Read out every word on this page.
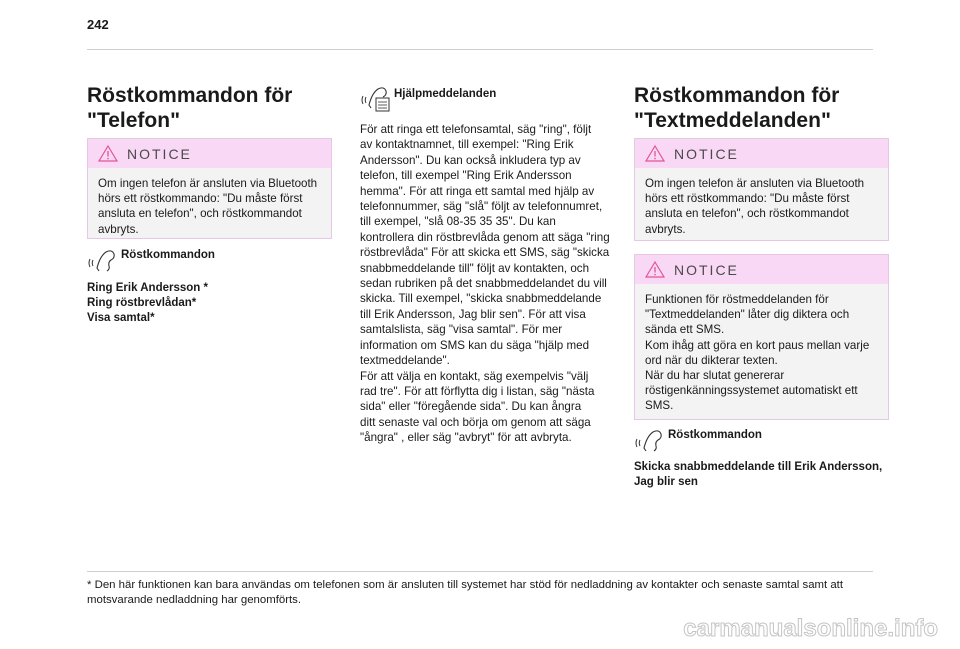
242
Röstkommandon för
"Telefon"
NOTICE
Om ingen telefon är ansluten via Bluetooth
hörs ett röstkommando: "Du måste först
ansluta en telefon", och röstkommandot
avbryts.
Röstkommandon
Ring Erik Andersson *
Ring röstbrevlådan*
Visa samtal*
Hjälpmeddelanden
För att ringa ett telefonsamtal, säg "ring", följt
av kontaktnamnet, till exempel: "Ring Erik
Andersson". Du kan också inkludera typ av
telefon, till exempel "Ring Erik Andersson
hemma". För att ringa ett samtal med hjälp av
telefonnummer, säg "slå" följt av telefonnumret,
till exempel, "slå 08-35 35 35". Du kan
kontrollera din röstbrevlåda genom att säga "ring
röstbrevlåda" För att skicka ett SMS, säg "skicka
snabbmeddelande till" följt av kontakten, och
sedan rubriken på det snabbmeddelandet du vill
skicka. Till exempel, "skicka snabbmeddelande
till Erik Andersson, Jag blir sen". För att visa
samtalslista, säg "visa samtal". För mer
information om SMS kan du säga "hjälp med
textmeddelande".
För att välja en kontakt, säg exempelvis "välj
rad tre". För att förflytta dig i listan, säg "nästa
sida" eller "föregående sida". Du kan ångra
ditt senaste val och börja om genom att säga
"ångra" , eller säg "avbryt" för att avbryta.
Röstkommandon för
"Textmeddelanden"
NOTICE
Om ingen telefon är ansluten via Bluetooth
hörs ett röstkommando: "Du måste först
ansluta en telefon", och röstkommandot
avbryts.
NOTICE
Funktionen för röstmeddelanden för
"Textmeddelanden" låter dig diktera och
sända ett SMS.
Kom ihåg att göra en kort paus mellan varje
ord när du dikterar texten.
När du har slutat genererar
röstigenkänningssystemet automatiskt ett
SMS.
Röstkommandon
Skicka snabbmeddelande till Erik Andersson,
Jag blir sen
* Den här funktionen kan bara användas om telefonen som är ansluten till systemet har stöd för nedladdning av kontakter och senaste samtal samt att
motsvarande nedladdning har genomförts.
carmanualsonline.info
